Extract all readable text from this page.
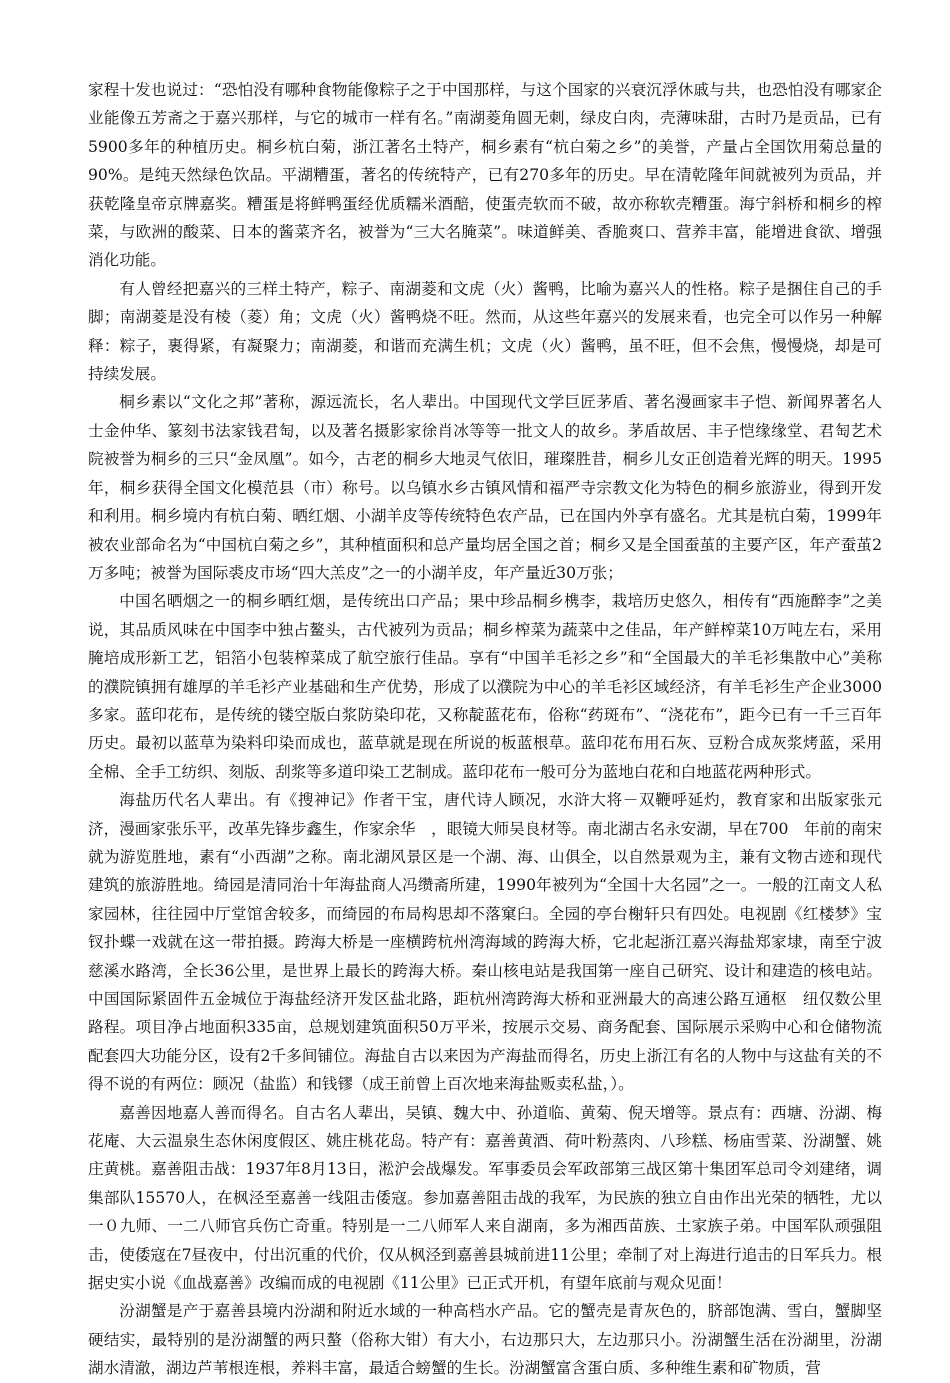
家程十发也说过：“恐怕没有哪种食物能像粽子之于中国那样，与这个国家的兴衰沉浮休戚与共，也恐怕没有哪家企业能像五芳斋之于嘉兴那样，与它的城市一样有名。”南湖菱角圆无刺，绿皮白肉，壳薄味甜，古时乃是贡品，已有5900多年的种植历史。桐乡杭白菊，浙江著名土特产，桐乡素有“杭白菊之乡”的美誉，产量占全国饮用菊总量的90%。是纯天然绿色饮品。平湖糟蛋，著名的传统特产，已有270多年的历史。早在清乾隆年间就被列为贡品，并获乾隆皇帝京牌嘉奖。糟蛋是将鲜鸭蛋经优质糯米酒醅，使蛋壳软而不破，故亦称软壳糟蛋。海宁斜桥和桐乡的榨菜，与欧洲的酸菜、日本的酱菜齐名，被誉为“三大名腌菜”。味道鲜美、香脆爽口、营养丰富，能增进食欲、增强消化功能。

有人曾经把嘉兴的三样土特产，粽子、南湖菱和文虎（火）酱鸭，比喻为嘉兴人的性格。粽子是捆住自己的手脚；南湖菱是没有棱（菱）角；文虎（火）酱鸭烧不旺。然而，从这些年嘉兴的发展来看，也完全可以作另一种解释：粽子，裹得紧，有凝聚力；南湖菱，和谐而充满生机；文虎（火）酱鸭，虽不旺，但不会焦，慢慢烧，却是可持续发展。

桐乡素以“文化之邦”著称，源远流长，名人辈出。中国现代文学巨匠茅盾、著名漫画家丰子恺、新闻界著名人士金仲华、篆刻书法家钱君匋，以及著名摄影家徐肖冰等等一批文人的故乡。茅盾故居、丰子恺缘缘堂、君匋艺术院被誉为桐乡的三只“金凤凰”。如今，古老的桐乡大地灵气依旧，璀璨胜昔，桐乡儿女正创造着光辉的明天。1995年，桐乡获得全国文化模范县（市）称号。以乌镇水乡古镇风情和福严寺宗教文化为特色的桐乡旅游业，得到开发和利用。桐乡境内有杭白菊、晒红烟、小湖羊皮等传统特色农产品，已在国内外享有盛名。尤其是杭白菊，1999年被农业部命名为“中国杭白菊之乡”，其种植面积和总产量均居全国之首；桐乡又是全国蚕茧的主要产区，年产蚕茧2万多吨；被誉为国际裘皮市场“四大羔皮”之一的小湖羊皮，年产量近30万张；

中国名晒烟之一的桐乡晒红烟，是传统出口产品；果中珍品桐乡槜李，栽培历史悠久，相传有“西施醉李”之美说，其品质风味在中国李中独占鳌头，古代被列为贡品；桐乡榨菜为蔬菜中之佳品，年产鲜榨菜10万吨左右，采用腌培成形新工艺，铝箔小包装榨菜成了航空旅行佳品。享有“中国羊毛衫之乡”和“全国最大的羊毛衫集散中心”美称的濮院镇拥有雄厚的羊毛衫产业基础和生产优势，形成了以濮院为中心的羊毛衫区域经济，有羊毛衫生产企业3000多家。蓝印花布，是传统的镂空版白浆防染印花，又称靛蓝花布，俗称“药斑布”、“浇花布”，距今已有一千三百年历史。最初以蓝草为染料印染而成也，蓝草就是现在所说的板蓝根草。蓝印花布用石灰、豆粉合成灰浆烤蓝，采用全棉、全手工纺织、刻版、刮浆等多道印染工艺制成。蓝印花布一般可分为蓝地白花和白地蓝花两种形式。

海盐历代名人辈出。有《搜神记》作者干宝，唐代诗人顾况，水浒大将－双鞭呼延灼，教育家和出版家张元济，漫画家张乐平，改革先锋步鑫生，作家余华　，眼镜大师吴良材等。南北湖古名永安湖，早在700　年前的南宋就为游览胜地，素有“小西湖”之称。南北湖风景区是一个湖、海、山俱全，以自然景观为主，兼有文物古迹和现代建筑的旅游胜地。绮园是清同治十年海盐商人冯缵斋所建，1990年被列为“全国十大名园”之一。一般的江南文人私家园林，往往园中厅堂馆舍较多，而绮园的布局构思却不落窠臼。全园的亭台榭轩只有四处。电视剧《红楼梦》宝钗扑蝶一戏就在这一带拍摄。跨海大桥是一座横跨杭州湾海域的跨海大桥，它北起浙江嘉兴海盐郑家埭，南至宁波慈溪水路湾，全长36公里，是世界上最长的跨海大桥。秦山核电站是我国第一座自己研究、设计和建造的核电站。中国国际紧固件五金城位于海盐经济开发区盐北路，距杭州湾跨海大桥和亚洲最大的高速公路互通枢　纽仅数公里路程。项目净占地面积335亩，总规划建筑面积50万平米，按展示交易、商务配套、国际展示采购中心和仓储物流配套四大功能分区，设有2千多间铺位。海盐自古以来因为产海盐而得名，历史上浙江有名的人物中与这盐有关的不得不说的有两位：顾况（盐监）和钱镠（成王前曾上百次地来海盐贩卖私盐，）。

嘉善因地嘉人善而得名。自古名人辈出，吴镇、魏大中、孙道临、黄菊、倪天增等。景点有：西塘、汾湖、梅花庵、大云温泉生态休闲度假区、姚庄桃花岛。特产有：嘉善黄酒、荷叶粉蒸肉、八珍糕、杨庙雪菜、汾湖蟹、姚庄黄桃。嘉善阻击战：1937年8月13日，淞沪会战爆发。军事委员会军政部第三战区第十集团军总司令刘建绪，调集部队15570人，在枫泾至嘉善一线阻击倭寇。参加嘉善阻击战的我军，为民族的独立自由作出光荣的牺牲，尤以一０九师、一二八师官兵伤亡奇重。特别是一二八师军人来自湖南，多为湘西苗族、土家族子弟。中国军队顽强阻击，使倭寇在7昼夜中，付出沉重的代价，仅从枫泾到嘉善县城前进11公里；牵制了对上海进行追击的日军兵力。根据史实小说《血战嘉善》改编而成的电视剧《11公里》已正式开机，有望年底前与观众见面！

汾湖蟹是产于嘉善县境内汾湖和附近水域的一种高档水产品。它的蟹壳是青灰色的，脐部饱满、雪白，蟹脚坚硬结实，最特别的是汾湖蟹的两只螯（俗称大钳）有大小，右边那只大，左边那只小。汾湖蟹生活在汾湖里，汾湖湖水清澈，湖边芦苇根连根，养料丰富，最适合螃蟹的生长。汾湖蟹富含蛋白质、多种维生素和矿物质，营
